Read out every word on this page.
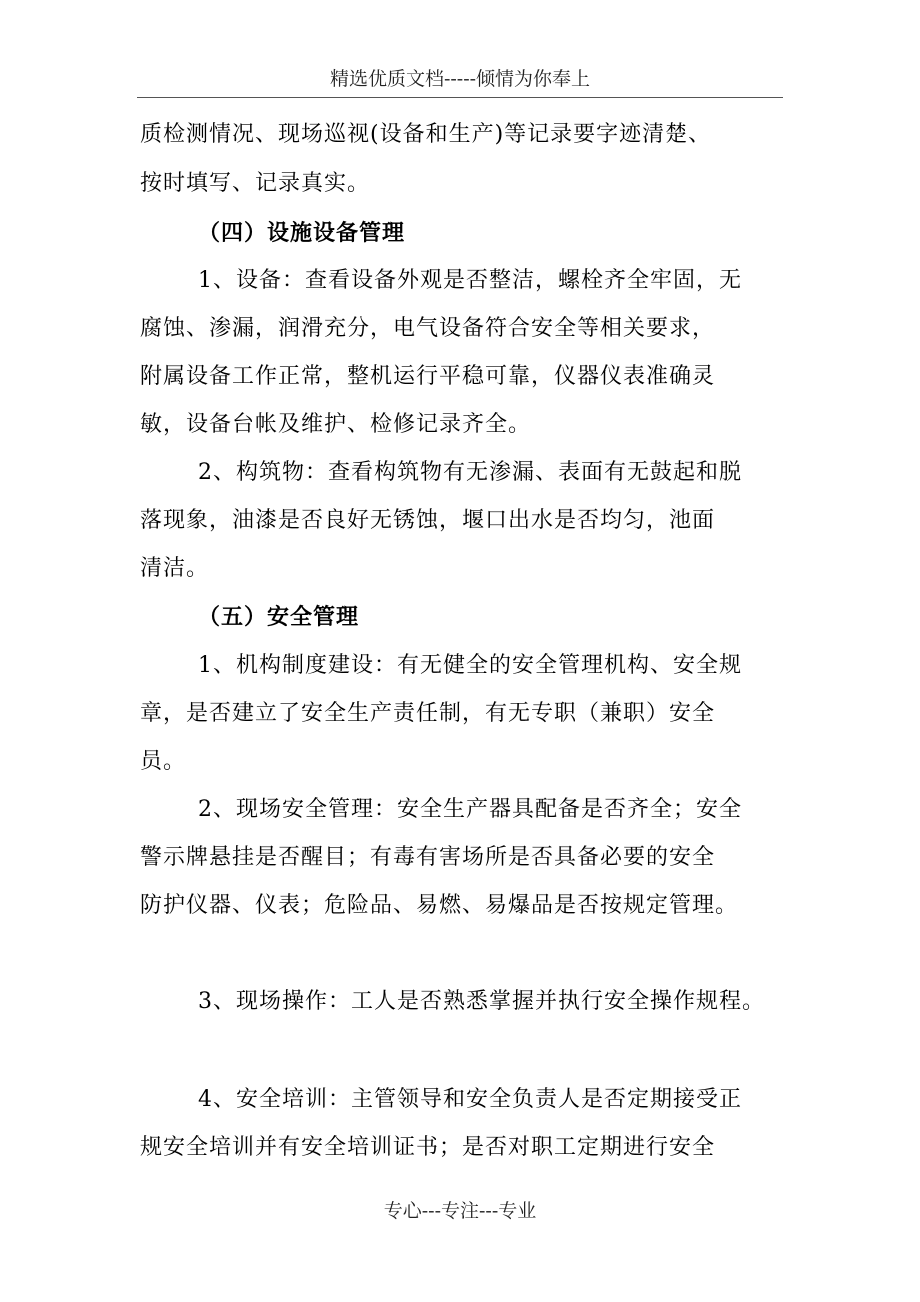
精选优质文档-----倾情为你奉上
质检测情况、现场巡视(设备和生产)等记录要字迹清楚、
按时填写、记录真实。
（四）设施设备管理
1、设备：查看设备外观是否整洁，螺栓齐全牢固，无
腐蚀、渗漏，润滑充分，电气设备符合安全等相关要求，
附属设备工作正常，整机运行平稳可靠，仪器仪表准确灵
敏，设备台帐及维护、检修记录齐全。
2、构筑物：查看构筑物有无渗漏、表面有无鼓起和脱
落现象，油漆是否良好无锈蚀，堰口出水是否均匀，池面
清洁。
（五）安全管理
1、机构制度建设：有无健全的安全管理机构、安全规
章，是否建立了安全生产责任制，有无专职（兼职）安全
员。
2、现场安全管理：安全生产器具配备是否齐全；安全
警示牌悬挂是否醒目；有毒有害场所是否具备必要的安全
防护仪器、仪表；危险品、易燃、易爆品是否按规定管理。
3、现场操作：工人是否熟悉掌握并执行安全操作规程。
4、安全培训：主管领导和安全负责人是否定期接受正
规安全培训并有安全培训证书；是否对职工定期进行安全
专心---专注---专业
